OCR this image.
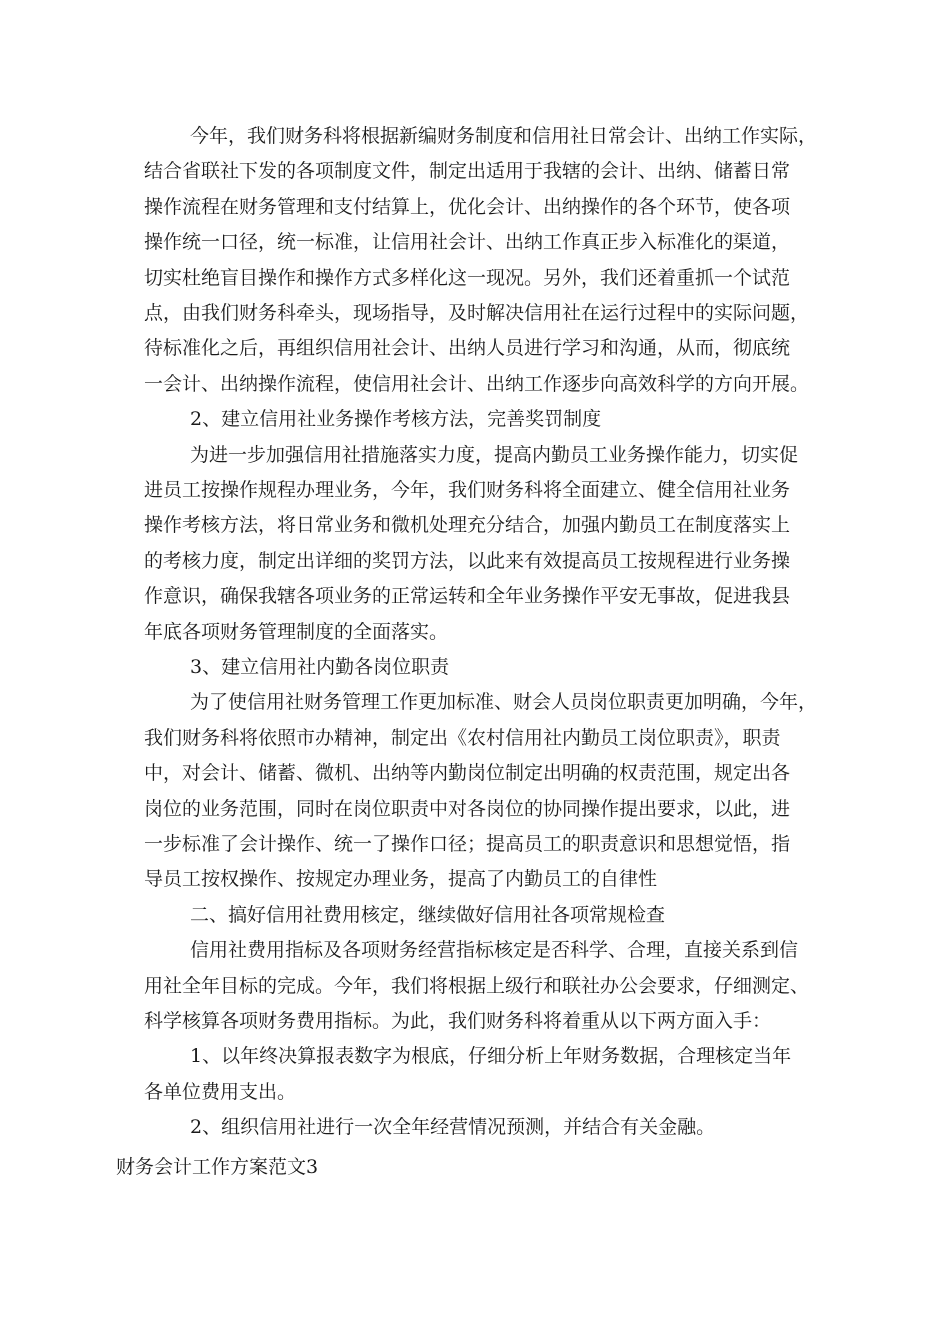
今年，我们财务科将根据新编财务制度和信用社日常会计、出纳工作实际，
结合省联社下发的各项制度文件，制定出适用于我辖的会计、出纳、储蓄日常
操作流程在财务管理和支付结算上，优化会计、出纳操作的各个环节，使各项
操作统一口径，统一标准，让信用社会计、出纳工作真正步入标准化的渠道，
切实杜绝盲目操作和操作方式多样化这一现况。另外，我们还着重抓一个试范
点，由我们财务科牵头，现场指导，及时解决信用社在运行过程中的实际问题，
待标准化之后，再组织信用社会计、出纳人员进行学习和沟通，从而，彻底统
一会计、出纳操作流程，使信用社会计、出纳工作逐步向高效科学的方向开展。
2、建立信用社业务操作考核方法，完善奖罚制度
为进一步加强信用社措施落实力度，提高内勤员工业务操作能力，切实促
进员工按操作规程办理业务，今年，我们财务科将全面建立、健全信用社业务
操作考核方法，将日常业务和微机处理充分结合，加强内勤员工在制度落实上
的考核力度，制定出详细的奖罚方法，以此来有效提高员工按规程进行业务操
作意识，确保我辖各项业务的正常运转和全年业务操作平安无事故，促进我县
年底各项财务管理制度的全面落实。
3、建立信用社内勤各岗位职责
为了使信用社财务管理工作更加标准、财会人员岗位职责更加明确，今年，
我们财务科将依照市办精神，制定出《农村信用社内勤员工岗位职责》，职责
中，对会计、储蓄、微机、出纳等内勤岗位制定出明确的权责范围，规定出各
岗位的业务范围，同时在岗位职责中对各岗位的协同操作提出要求，以此，进
一步标准了会计操作、统一了操作口径；提高员工的职责意识和思想觉悟，指
导员工按权操作、按规定办理业务，提高了内勤员工的自律性
二、搞好信用社费用核定，继续做好信用社各项常规检查
信用社费用指标及各项财务经营指标核定是否科学、合理，直接关系到信
用社全年目标的完成。今年，我们将根据上级行和联社办公会要求，仔细测定、
科学核算各项财务费用指标。为此，我们财务科将着重从以下两方面入手：
1、以年终决算报表数字为根底，仔细分析上年财务数据，合理核定当年
各单位费用支出。
2、组织信用社进行一次全年经营情况预测，并结合有关金融。
财务会计工作方案范文3
